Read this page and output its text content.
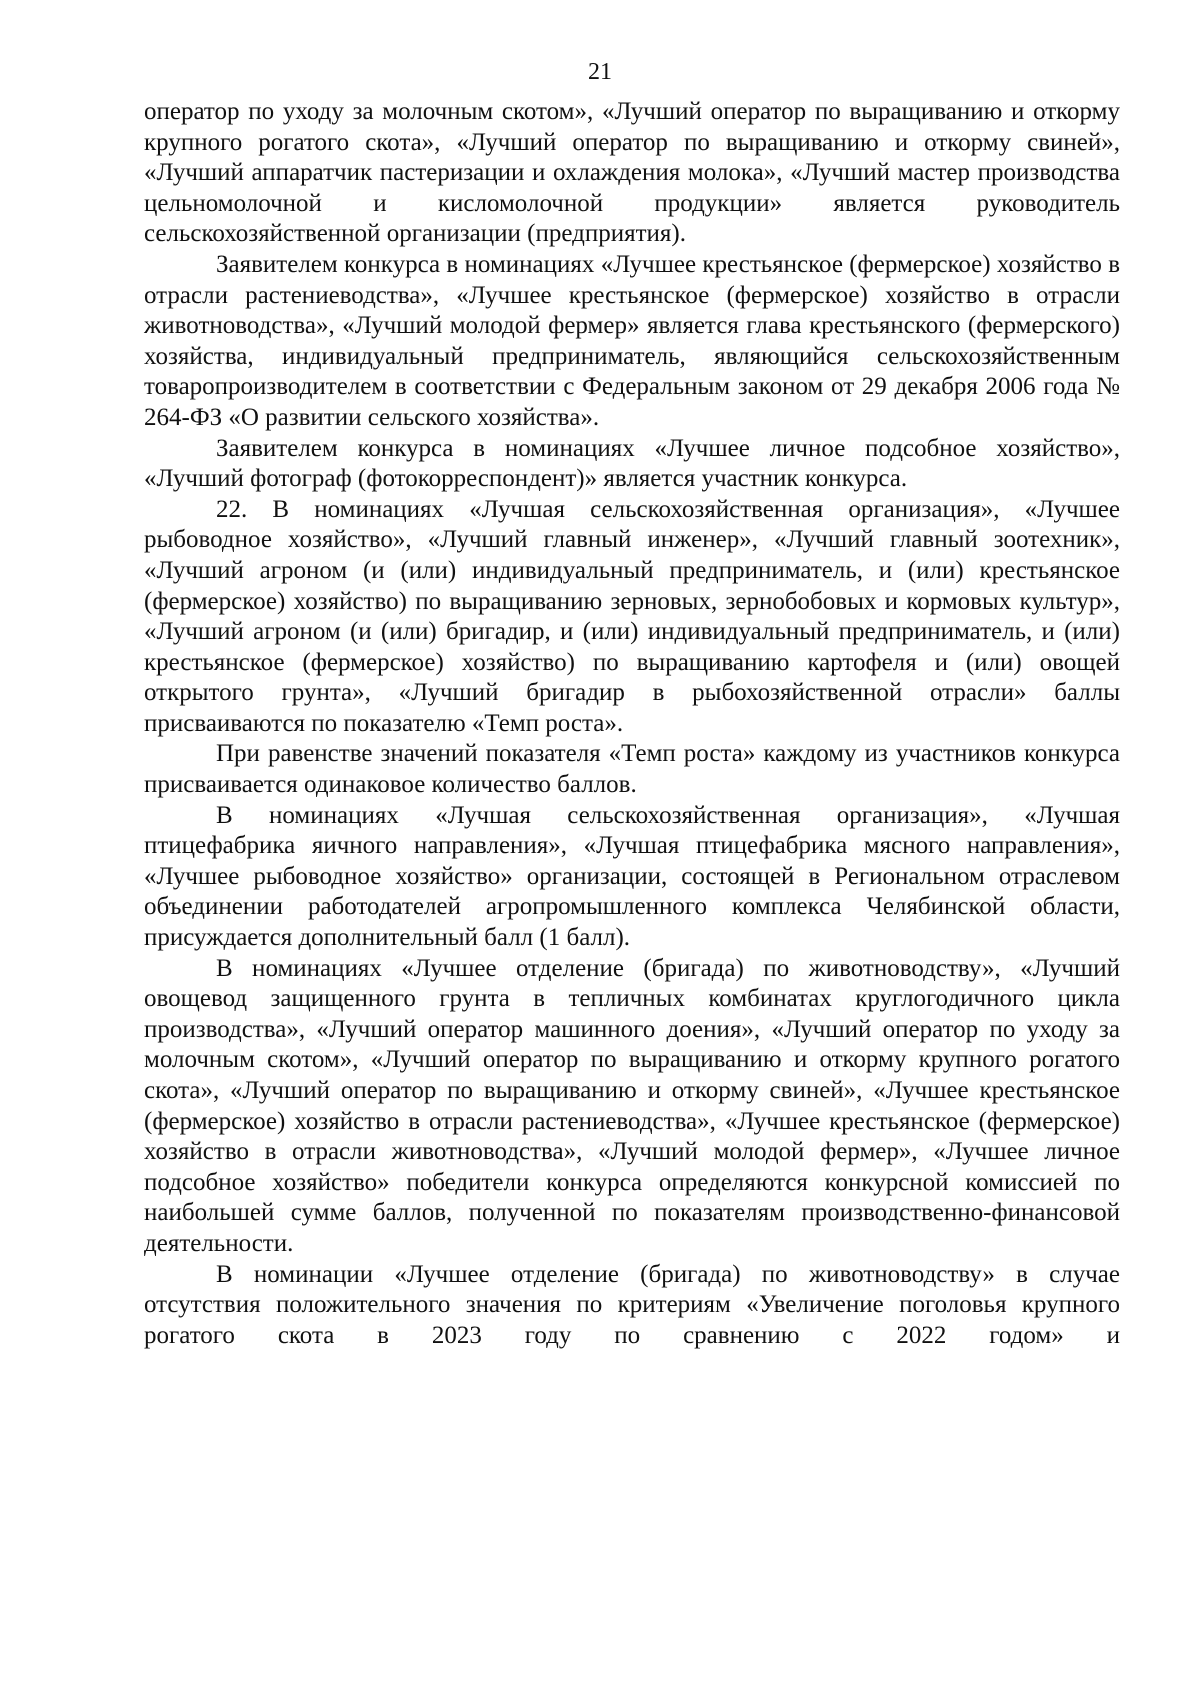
21

оператор по уходу за молочным скотом», «Лучший оператор по выращиванию и откорму крупного рогатого скота», «Лучший оператор по выращиванию и откорму свиней», «Лучший аппаратчик пастеризации и охлаждения молока», «Лучший мастер производства цельномолочной и кисломолочной продукции» является руководитель сельскохозяйственной организации (предприятия).

Заявителем конкурса в номинациях «Лучшее крестьянское (фермерское) хозяйство в отрасли растениеводства», «Лучшее крестьянское (фермерское) хозяйство в отрасли животноводства», «Лучший молодой фермер» является глава крестьянского (фермерского) хозяйства, индивидуальный предприниматель, являющийся сельскохозяйственным товаропроизводителем в соответствии с Федеральным законом от 29 декабря 2006 года № 264-ФЗ «О развитии сельского хозяйства».

Заявителем конкурса в номинациях «Лучшее личное подсобное хозяйство», «Лучший фотограф (фотокорреспондент)» является участник конкурса.

22. В номинациях «Лучшая сельскохозяйственная организация», «Лучшее рыбоводное хозяйство», «Лучший главный инженер», «Лучший главный зоотехник», «Лучший агроном (и (или) индивидуальный предприниматель, и (или) крестьянское (фермерское) хозяйство) по выращиванию зерновых, зернобобовых и кормовых культур», «Лучший агроном (и (или) бригадир, и (или) индивидуальный предприниматель, и (или) крестьянское (фермерское) хозяйство) по выращиванию картофеля и (или) овощей открытого грунта», «Лучший бригадир в рыбохозяйственной отрасли» баллы присваиваются по показателю «Темп роста».

При равенстве значений показателя «Темп роста» каждому из участников конкурса присваивается одинаковое количество баллов.

В номинациях «Лучшая сельскохозяйственная организация», «Лучшая птицефабрика яичного направления», «Лучшая птицефабрика мясного направления», «Лучшее рыбоводное хозяйство» организации, состоящей в Региональном отраслевом объединении работодателей агропромышленного комплекса Челябинской области, присуждается дополнительный балл (1 балл).

В номинациях «Лучшее отделение (бригада) по животноводству», «Лучший овощевод защищенного грунта в тепличных комбинатах круглогодичного цикла производства», «Лучший оператор машинного доения», «Лучший оператор по уходу за молочным скотом», «Лучший оператор по выращиванию и откорму крупного рогатого скота», «Лучший оператор по выращиванию и откорму свиней», «Лучшее крестьянское (фермерское) хозяйство в отрасли растениеводства», «Лучшее крестьянское (фермерское) хозяйство в отрасли животноводства», «Лучший молодой фермер», «Лучшее личное подсобное хозяйство» победители конкурса определяются конкурсной комиссией по наибольшей сумме баллов, полученной по показателям производственно-финансовой деятельности.

В номинации «Лучшее отделение (бригада) по животноводству» в случае отсутствия положительного значения по критериям «Увеличение поголовья крупного рогатого скота в 2023 году по сравнению с 2022 годом» и
